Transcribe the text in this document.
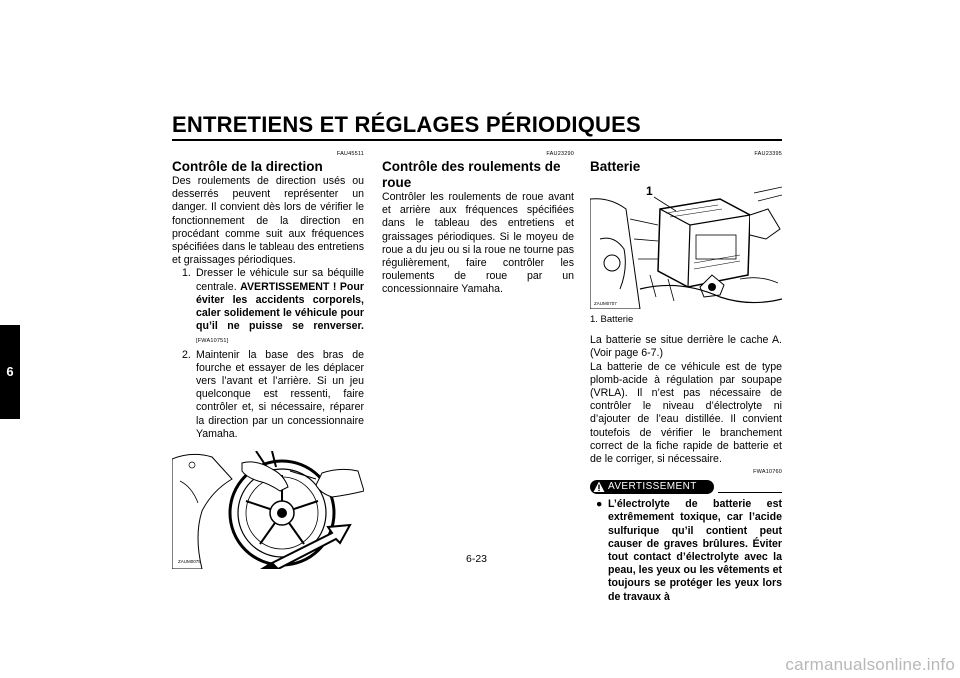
ENTRETIENS ET RÉGLAGES PÉRIODIQUES
6
FAU45511
Contrôle de la direction
Des roulements de direction usés ou desserrés peuvent représenter un danger. Il convient dès lors de vérifier le fonctionnement de la direction en procédant comme suit aux fréquences spécifiées dans le tableau des entretiens et graissages périodiques.
1. Dresser le véhicule sur sa béquille centrale. AVERTISSEMENT ! Pour éviter les accidents corporels, caler solidement le véhicule pour qu’il ne puisse se renverser. [FWA10751]
2. Maintenir la base des bras de fourche et essayer de les déplacer vers l’avant et l’arrière. Si un jeu quelconque est ressenti, faire contrôler et, si nécessaire, réparer la direction par un concessionnaire Yamaha.
ZAUM0075
FAU23290
Contrôle des roulements de roue
Contrôler les roulements de roue avant et arrière aux fréquences spécifiées dans le tableau des entretiens et graissages périodiques. Si le moyeu de roue a du jeu ou si la roue ne tourne pas régulièrement, faire contrôler les roulements de roue par un concessionnaire Yamaha.
FAU23395
Batterie
1
ZAUM0707
1. Batterie
La batterie se situe derrière le cache A. (Voir page 6-7.)
La batterie de ce véhicule est de type plomb-acide à régulation par soupape (VRLA). Il n’est pas nécessaire de contrôler le niveau d’électrolyte ni d’ajouter de l’eau distillée. Il convient toutefois de vérifier le branchement correct de la fiche rapide de batterie et de le corriger, si nécessaire.
FWA10760
AVERTISSEMENT
● L’électrolyte de batterie est extrêmement toxique, car l’acide sulfurique qu’il contient peut causer de graves brûlures. Éviter tout contact d’électrolyte avec la peau, les yeux ou les vêtements et toujours se protéger les yeux lors de travaux à
6-23
carmanualsonline.info
